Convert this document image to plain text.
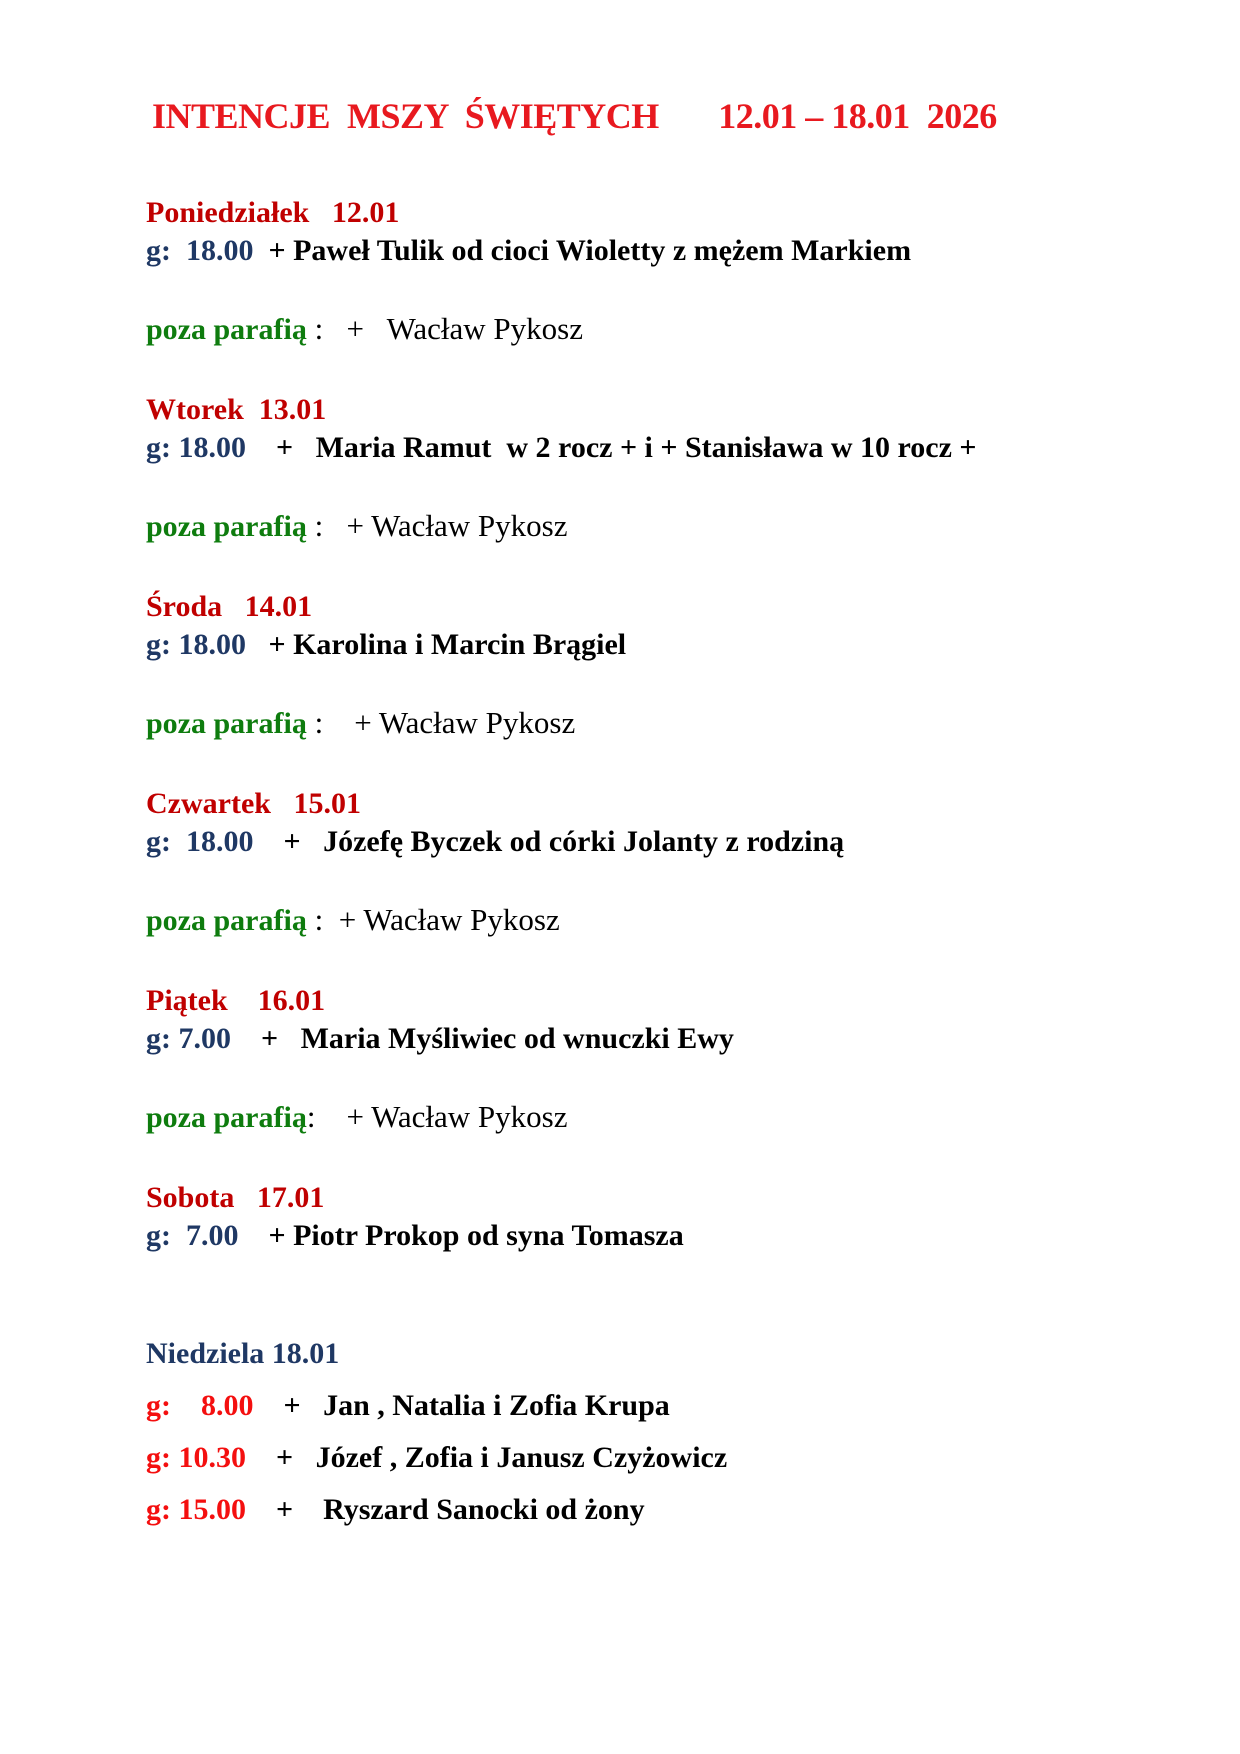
INTENCJE  MSZY  ŚWIĘTYCH       12.01 – 18.01  2026
Poniedziałek   12.01
g:  18.00  + Paweł Tulik od cioci Wioletty z mężem Markiem
poza parafią :   +   Wacław Pykosz
Wtorek  13.01
g: 18.00    +   Maria Ramut  w 2 rocz + i + Stanisława w 10 rocz +
poza parafią :   + Wacław Pykosz
Środa   14.01
g: 18.00   + Karolina i Marcin Brągiel
poza parafią :    + Wacław Pykosz
Czwartek   15.01
g:  18.00    +   Józefę Byczek od córki Jolanty z rodziną
poza parafią :  + Wacław Pykosz
Piątek    16.01
g: 7.00    +   Maria Myśliwiec od wnuczki Ewy
poza parafią:    + Wacław Pykosz
Sobota   17.01
g:  7.00    + Piotr Prokop od syna Tomasza
Niedziela 18.01
g:    8.00    +   Jan , Natalia i Zofia Krupa
g: 10.30    +   Józef , Zofia i Janusz Czyżowicz
g: 15.00    +    Ryszard Sanocki od żony
